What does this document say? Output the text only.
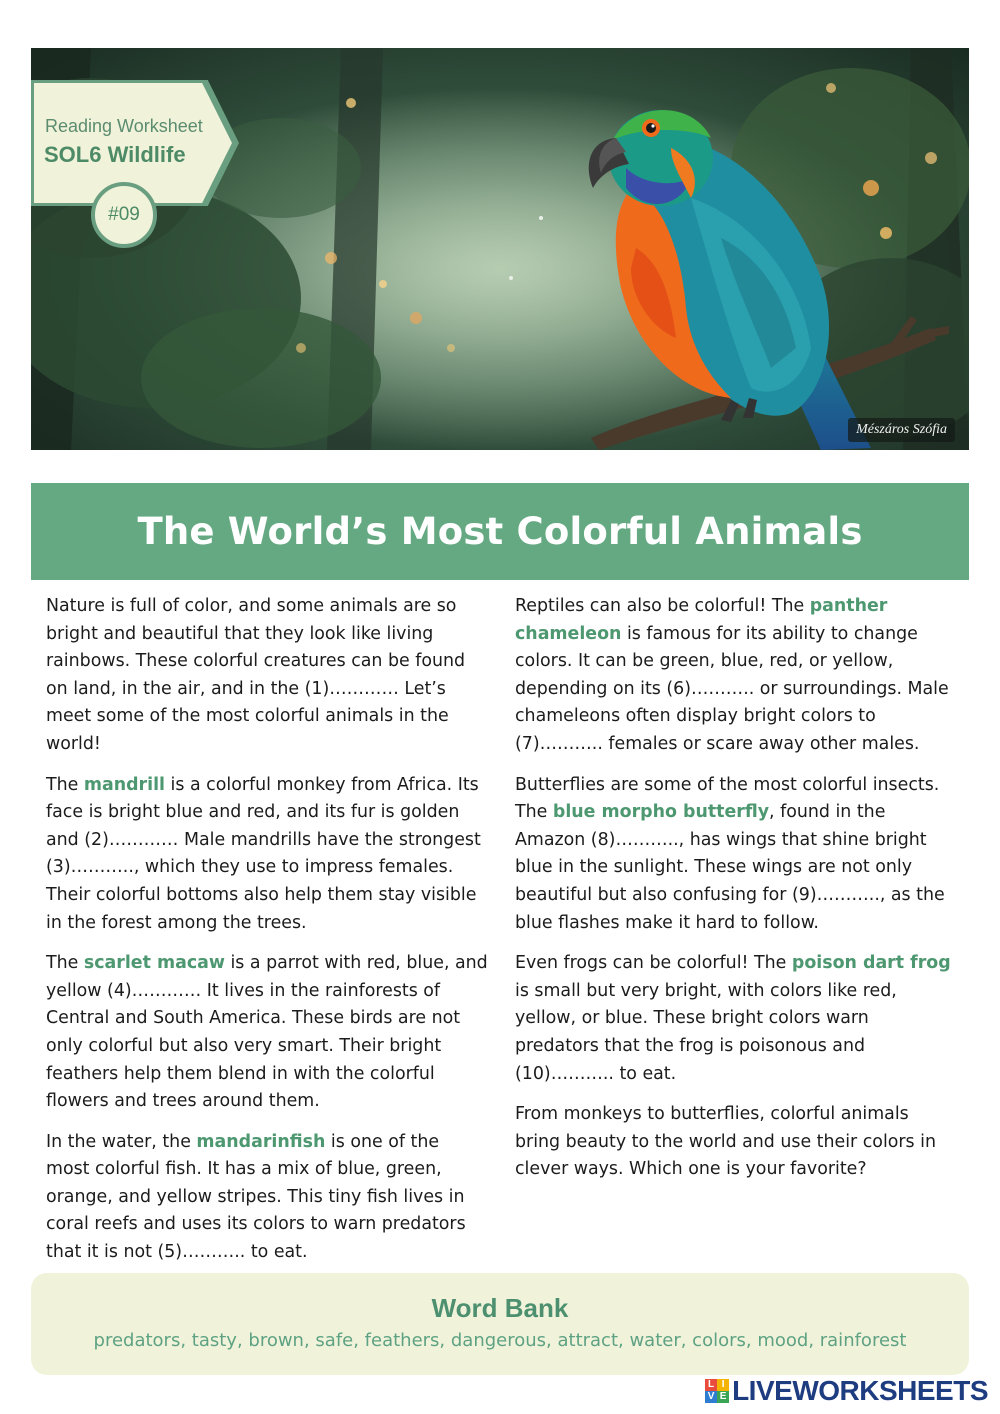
Reading Worksheet
SOL6 Wildlife
#09
Mészáros Szófia
The World’s Most Colorful Animals

Nature is full of color, and some animals are so bright and beautiful that they look like living rainbows. These colorful creatures can be found on land, in the air, and in the (1)………… Let’s meet some of the most colorful animals in the world!

The mandrill is a colorful monkey from Africa. Its face is bright blue and red, and its fur is golden and (2)………… Male mandrills have the strongest (3)……….., which they use to impress females. Their colorful bottoms also help them stay visible in the forest among the trees.

The scarlet macaw is a parrot with red, blue, and yellow (4)………… It lives in the rainforests of Central and South America. These birds are not only colorful but also very smart. Their bright feathers help them blend in with the colorful flowers and trees around them.

In the water, the mandarinfish is one of the most colorful fish. It has a mix of blue, green, orange, and yellow stripes. This tiny fish lives in coral reefs and uses its colors to warn predators that it is not (5)……….. to eat.

Reptiles can also be colorful! The panther chameleon is famous for its ability to change colors. It can be green, blue, red, or yellow, depending on its (6)……….. or surroundings. Male chameleons often display bright colors to (7)……….. females or scare away other males.

Butterflies are some of the most colorful insects. The blue morpho butterfly, found in the Amazon (8)……….., has wings that shine bright blue in the sunlight. These wings are not only beautiful but also confusing for (9)……….., as the blue flashes make it hard to follow.

Even frogs can be colorful! The poison dart frog is small but very bright, with colors like red, yellow, or blue. These bright colors warn predators that the frog is poisonous and (10)……….. to eat.

From monkeys to butterflies, colorful animals bring beauty to the world and use their colors in clever ways. Which one is your favorite?

Word Bank
predators, tasty, brown, safe, feathers, dangerous, attract, water, colors, mood, rainforest
L I
V E LIVEWORKSHEETS
